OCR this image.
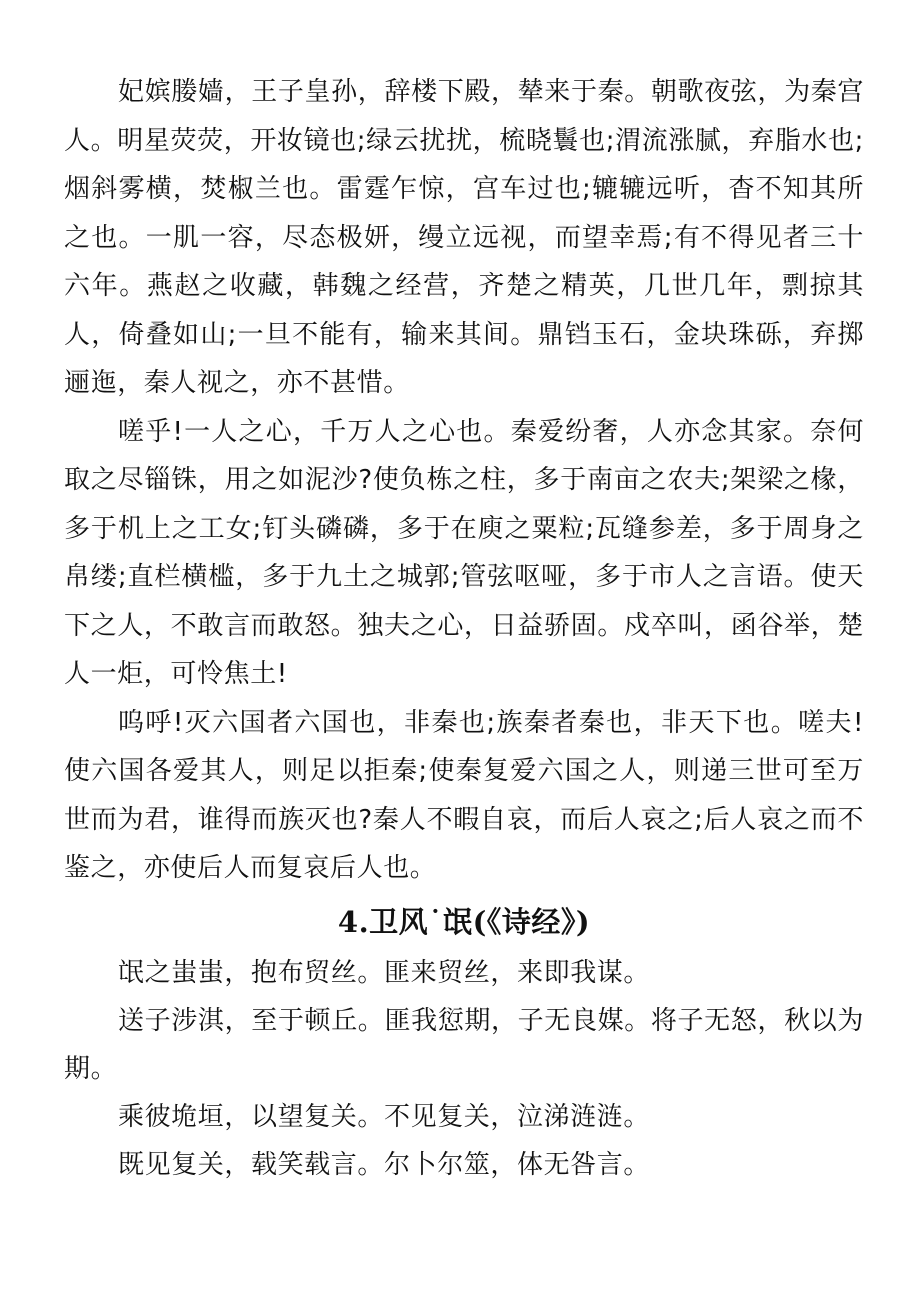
妃嫔媵嫱，王子皇孙，辞楼下殿，辇来于秦。朝歌夜弦，为秦宫人。明星荧荧，开妆镜也;绿云扰扰，梳晓鬟也;渭流涨腻，弃脂水也;烟斜雾横，焚椒兰也。雷霆乍惊，宫车过也;辘辘远听，杳不知其所之也。一肌一容，尽态极妍，缦立远视，而望幸焉;有不得见者三十六年。燕赵之收藏，韩魏之经营，齐楚之精英，几世几年，剽掠其人，倚叠如山;一旦不能有，输来其间。鼎铛玉石，金块珠砾，弃掷逦迤，秦人视之，亦不甚惜。

嗟乎!一人之心，千万人之心也。秦爱纷奢，人亦念其家。奈何取之尽锱铢，用之如泥沙?使负栋之柱，多于南亩之农夫;架梁之椽，多于机上之工女;钉头磷磷，多于在庾之粟粒;瓦缝参差，多于周身之帛缕;直栏横槛，多于九土之城郭;管弦呕哑，多于市人之言语。使天下之人，不敢言而敢怒。独夫之心，日益骄固。戍卒叫，函谷举，楚人一炬，可怜焦土!

呜呼!灭六国者六国也，非秦也;族秦者秦也，非天下也。嗟夫!使六国各爱其人，则足以拒秦;使秦复爱六国之人，则递三世可至万世而为君，谁得而族灭也?秦人不暇自哀，而后人哀之;后人哀之而不鉴之，亦使后人而复哀后人也。

4.卫风˙氓(《诗经》)

氓之蚩蚩，抱布贸丝。匪来贸丝，来即我谋。

送子涉淇，至于顿丘。匪我愆期，子无良媒。将子无怒，秋以为期。

乘彼垝垣，以望复关。不见复关，泣涕涟涟。

既见复关，载笑载言。尔卜尔筮，体无咎言。
